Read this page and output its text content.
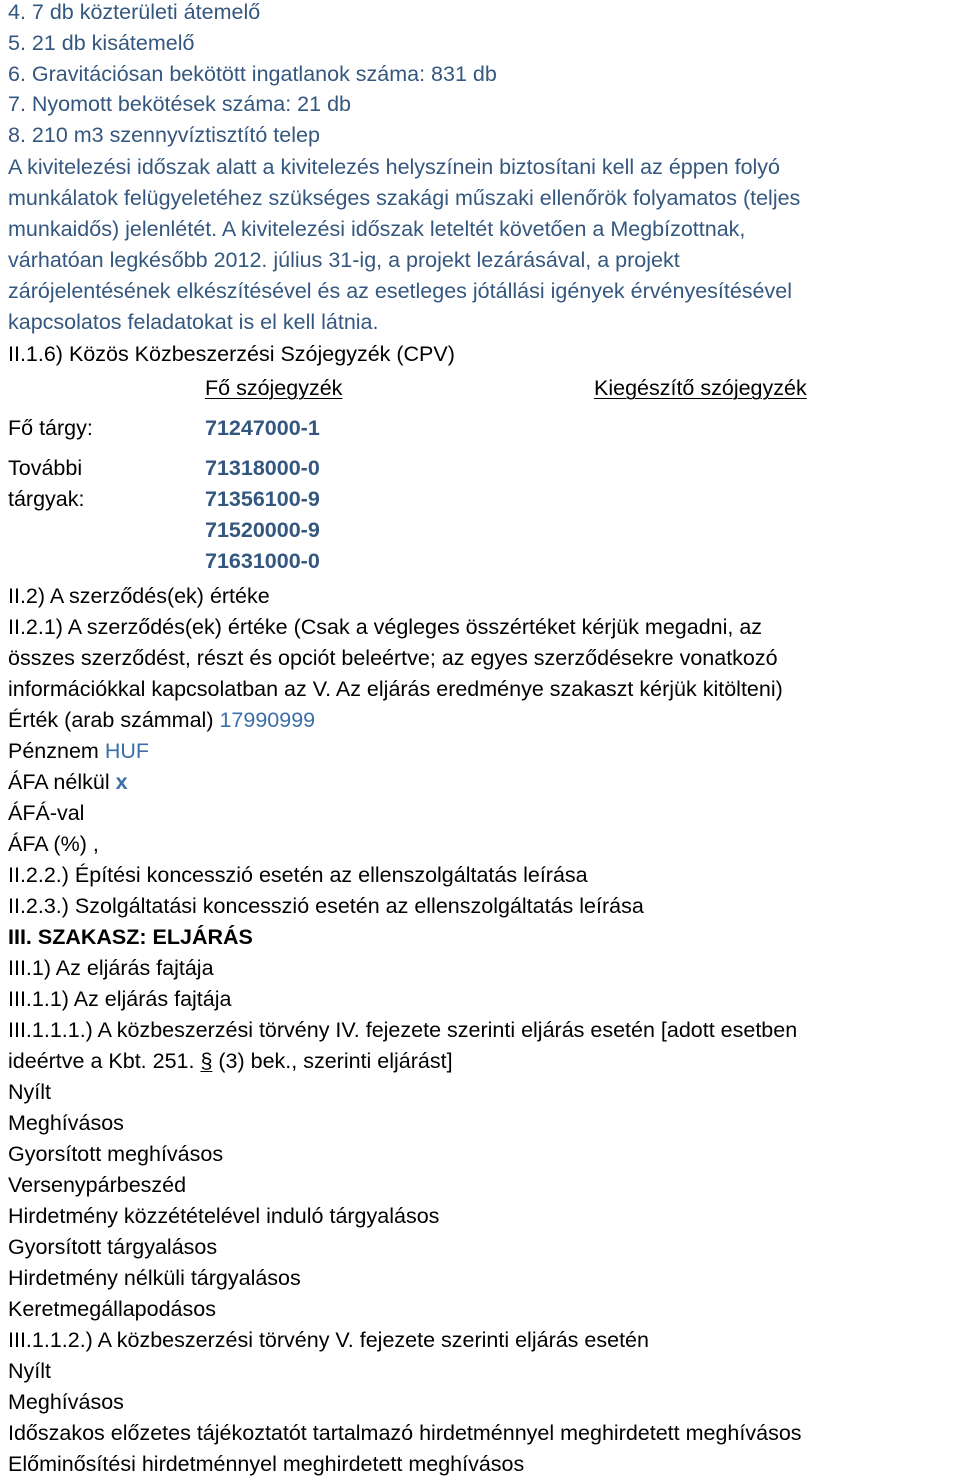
4. 7 db közterületi átemelő
5. 21 db kisátemelő
6. Gravitációsan bekötött ingatlanok száma: 831 db
7. Nyomott bekötések száma: 21 db
8. 210 m3 szennyvíztisztító telep
A kivitelezési időszak alatt a kivitelezés helyszínein biztosítani kell az éppen folyó
munkálatok felügyeletéhez szükséges szakági műszaki ellenőrök folyamatos (teljes
munkaidős) jelenlétét. A kivitelezési időszak leteltét követően a Megbízottnak,
várhatóan legkésőbb 2012. július 31-ig, a projekt lezárásával, a projekt
zárójelentésének elkészítésével és az esetleges jótállási igények érvényesítésével
kapcsolatos feladatokat is el kell látnia.
II.1.6) Közös Közbeszerzési Szójegyzék (CPV)
Fő szójegyzék	Kiegészítő szójegyzék
Fő tárgy:	71247000-1
További
tárgyak:
71318000-0
71356100-9
71520000-9
71631000-0
II.2) A szerződés(ek) értéke
II.2.1) A szerződés(ek) értéke (Csak a végleges összértéket kérjük megadni, az
összes szerződést, részt és opciót beleértve; az egyes szerződésekre vonatkozó
információkkal kapcsolatban az V. Az eljárás eredménye szakaszt kérjük kitölteni)
Érték (arab számmal) 17990999
Pénznem HUF
ÁFA nélkül x
ÁFÁ-val
ÁFA (%) ,
II.2.2.) Építési koncesszió esetén az ellenszolgáltatás leírása
II.2.3.) Szolgáltatási koncesszió esetén az ellenszolgáltatás leírása
III. SZAKASZ: ELJÁRÁS
III.1) Az eljárás fajtája
III.1.1) Az eljárás fajtája
III.1.1.1.) A közbeszerzési törvény IV. fejezete szerinti eljárás esetén [adott esetben
ideértve a Kbt. 251. § (3) bek., szerinti eljárást]
Nyílt
Meghívásos
Gyorsított meghívásos
Versenypárbeszéd
Hirdetmény közzétételével induló tárgyalásos
Gyorsított tárgyalásos
Hirdetmény nélküli tárgyalásos
Keretmegállapodásos
III.1.1.2.) A közbeszerzési törvény V. fejezete szerinti eljárás esetén
Nyílt
Meghívásos
Időszakos előzetes tájékoztatót tartalmazó hirdetménnyel meghirdetett meghívásos
Előminősítési hirdetménnyel meghirdetett meghívásos
